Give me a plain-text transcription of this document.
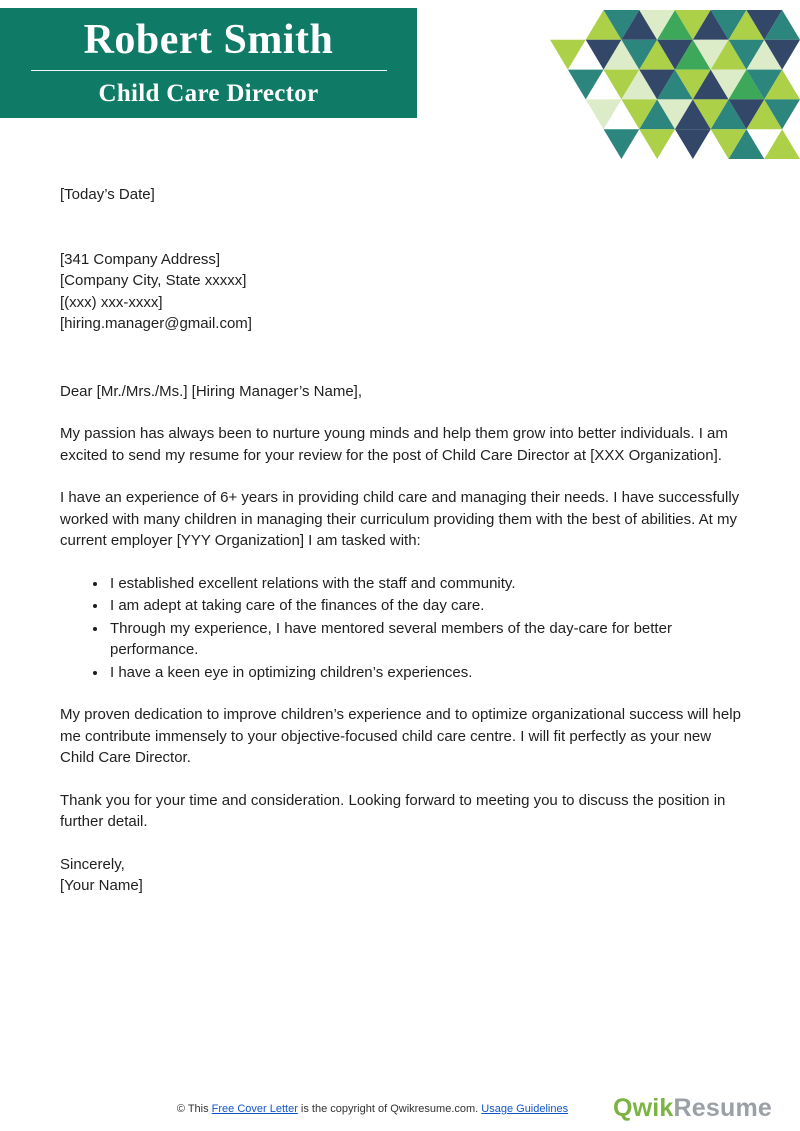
Robert Smith
Child Care Director
[Today’s Date]
[341 Company Address]
[Company City, State xxxxx]
[(xxx) xxx-xxxx]
[hiring.manager@gmail.com]
Dear [Mr./Mrs./Ms.] [Hiring Manager’s Name],

My passion has always been to nurture young minds and help them grow into better individuals. I am excited to send my resume for your review for the post of Child Care Director at [XXX Organization].

I have an experience of 6+ years in providing child care and managing their needs. I have successfully worked with many children in managing their curriculum providing them with the best of abilities. At my current employer [YYY Organization] I am tasked with:

• I established excellent relations with the staff and community.
• I am adept at taking care of the finances of the day care.
• Through my experience, I have mentored several members of the day-care for better performance.
• I have a keen eye in optimizing children’s experiences.

My proven dedication to improve children’s experience and to optimize organizational success will help me contribute immensely to your objective-focused child care centre. I will fit perfectly as your new Child Care Director.

Thank you for your time and consideration. Looking forward to meeting you to discuss the position in further detail.

Sincerely,
[Your Name]
© This Free Cover Letter is the copyright of Qwikresume.com. Usage Guidelines	QwikResume
